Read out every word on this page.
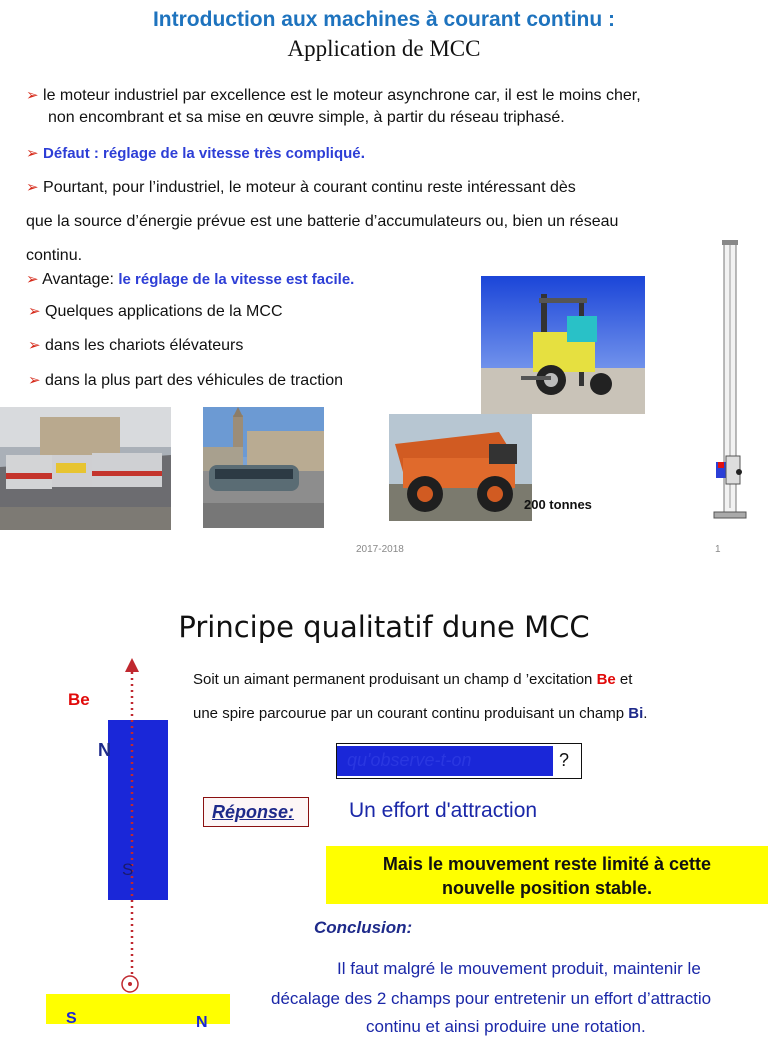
Introduction aux machines à courant continu :
Application de MCC
➢ le moteur industriel par excellence est le moteur asynchrone car, il est le moins cher,
non encombrant et sa mise en œuvre simple, à partir du réseau triphasé.
➢ Défaut : réglage de la vitesse très compliqué.
➢ Pourtant, pour l’industriel, le moteur à courant continu reste intéressant dès
que la source d’énergie prévue est une batterie d’accumulateurs ou, bien un réseau
continu.
➢ Avantage: le réglage de la vitesse est facile.
➢ Quelques applications de la MCC
➢ dans les chariots élévateurs
➢ dans la plus part des véhicules de traction
200 tonnes
2017-2018	1
Principe qualitatif dune MCC
Be
N
S
S	N
Soit un aimant permanent produisant un champ d ’excitation Be et
une spire parcourue par un courant continu produisant un champ Bi.
qu'observe-t-on	?
Réponse:	Un effort d'attraction
Mais le mouvement reste limité à cette
nouvelle position stable.
Conclusion:
Il faut malgré le mouvement produit, maintenir le
décalage des 2 champs pour entretenir un effort d’attractio
continu et ainsi produire une rotation.
